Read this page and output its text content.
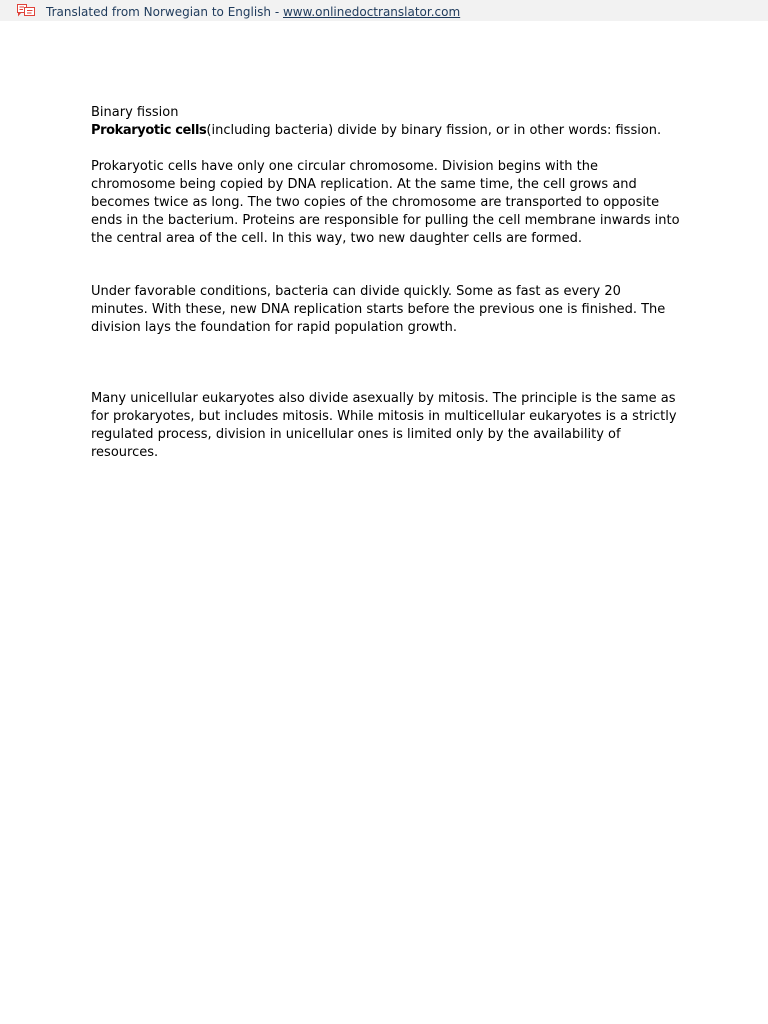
Translated from Norwegian to English - www.onlinedoctranslator.com

Binary fission

Prokaryotic cells(including bacteria) divide by binary fission, or in other words: fission.

Prokaryotic cells have only one circular chromosome. Division begins with the chromosome being copied by DNA replication. At the same time, the cell grows and becomes twice as long. The two copies of the chromosome are transported to opposite ends in the bacterium. Proteins are responsible for pulling the cell membrane inwards into the central area of the cell. In this way, two new daughter cells are formed.

Under favorable conditions, bacteria can divide quickly. Some as fast as every 20 minutes. With these, new DNA replication starts before the previous one is finished. The division lays the foundation for rapid population growth.

Many unicellular eukaryotes also divide asexually by mitosis. The principle is the same as for prokaryotes, but includes mitosis. While mitosis in multicellular eukaryotes is a strictly regulated process, division in unicellular ones is limited only by the availability of resources.
